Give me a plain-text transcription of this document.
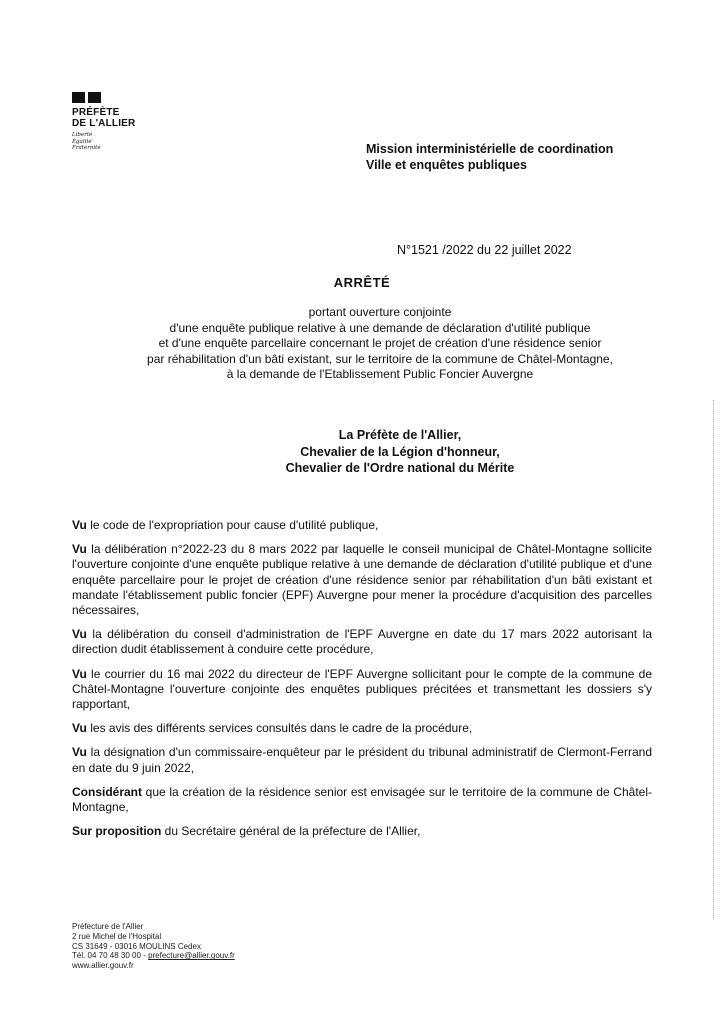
PRÉFÈTE
DE L'ALLIER
Liberté
Égalité
Fraternité	Mission interministérielle de coordination
Ville et enquêtes publiques
N°1521 /2022 du 22 juillet 2022
ARRÊTÉ
portant ouverture conjointe
d'une enquête publique relative à une demande de déclaration d'utilité publique
et d'une enquête parcellaire concernant le projet de création d'une résidence senior
par réhabilitation d'un bâti existant, sur le territoire de la commune de Châtel-Montagne,
à la demande de l'Etablissement Public Foncier Auvergne
La Préfète de l'Allier,
Chevalier de la Légion d'honneur,
Chevalier de l'Ordre national du Mérite

Vu le code de l'expropriation pour cause d'utilité publique,

Vu la délibération n°2022-23 du 8 mars 2022 par laquelle le conseil municipal de Châtel-Montagne sollicite l'ouverture conjointe d'une enquête publique relative à une demande de déclaration d'utilité publique et d'une enquête parcellaire pour le projet de création d'une résidence senior par réhabilitation d'un bâti existant et mandate l'établissement public foncier (EPF) Auvergne pour mener la procédure d'acquisition des parcelles nécessaires,

Vu la délibération du conseil d'administration de l'EPF Auvergne en date du 17 mars 2022 autorisant la direction dudit établissement à conduire cette procédure,

Vu le courrier du 16 mai 2022 du directeur de l'EPF Auvergne sollicitant pour le compte de la commune de Châtel-Montagne l'ouverture conjointe des enquêtes publiques précitées et transmettant les dossiers s'y rapportant,

Vu les avis des différents services consultés dans le cadre de la procédure,

Vu la désignation d'un commissaire-enquêteur par le président du tribunal administratif de Clermont-Ferrand en date du 9 juin 2022,

Considérant que la création de la résidence senior est envisagée sur le territoire de la commune de Châtel-Montagne,

Sur proposition du Secrétaire général de la préfecture de l'Allier,

Préfecture de l'Allier
2 rue Michel de l'Hospital
CS 31649 - 03016 MOULINS Cedex
Tél. 04 70 48 30 00 - prefecture@allier.gouv.fr
www.allier.gouv.fr
